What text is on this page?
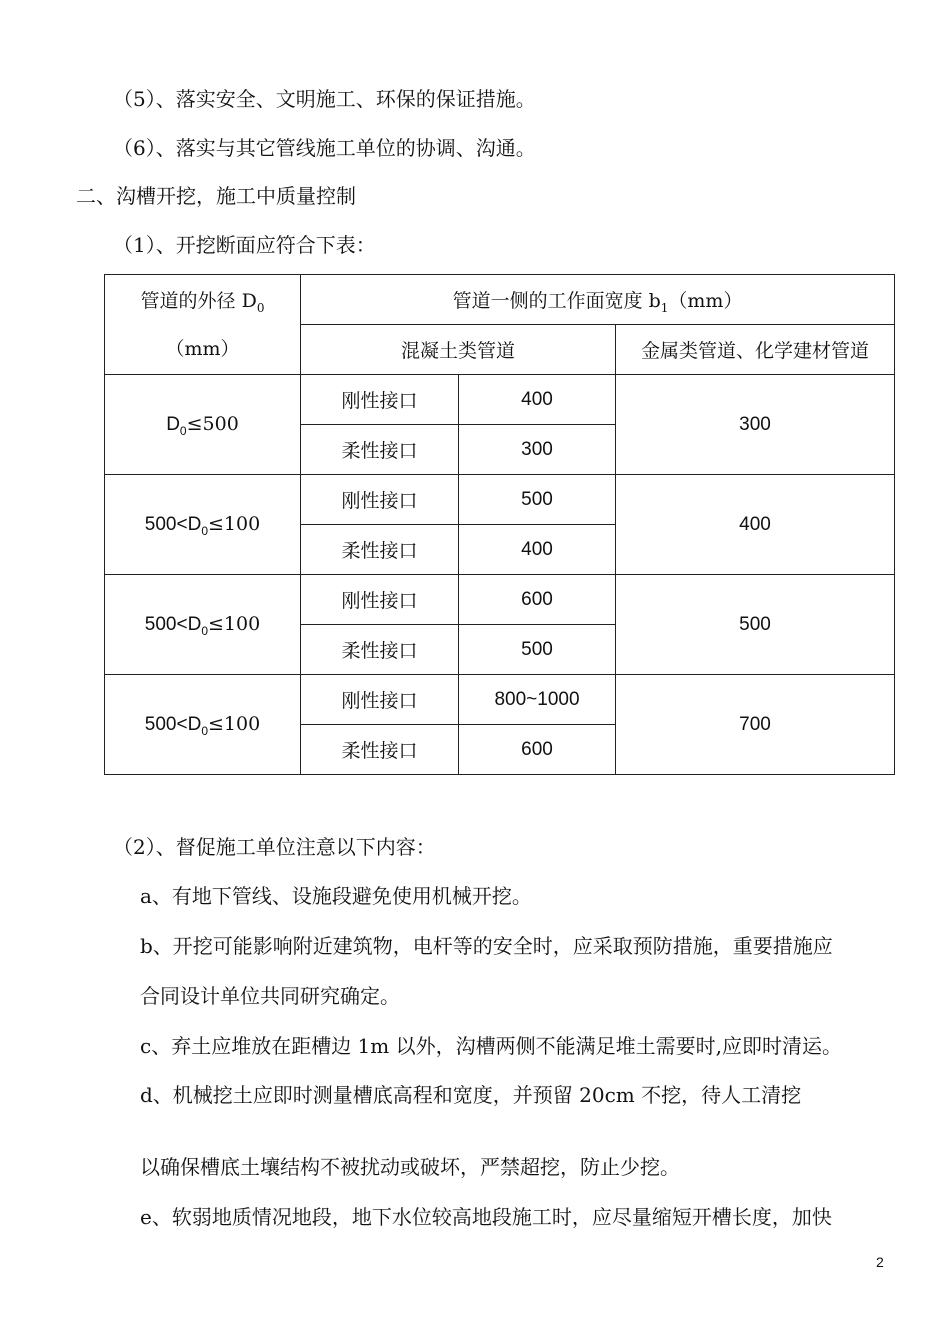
（5）、落实安全、文明施工、环保的保证措施。
（6）、落实与其它管线施工单位的协调、沟通。
二、沟槽开挖，施工中质量控制
（1）、开挖断面应符合下表：
管道的外径 $D_0$
（mm）	管道一侧的工作面宽度 $b_1(mm)$		
	混凝土类管道		金属类管道、化学建材管道
$D_0\le 500$	刚性接口	400	300
	柔性接口	300	
$500<D_0\le 100$	刚性接口	500	400
	柔性接口	400	
$500<D_0\le 100$	刚性接口	600	500
	柔性接口	500	
$500<D_0\le 100$	刚性接口	800~1000	700
	柔性接口	600	
（2）、督促施工单位注意以下内容：
a、有地下管线、设施段避免使用机械开挖。
b、开挖可能影响附近建筑物，电杆等的安全时，应采取预防措施，重要措施应
合同设计单位共同研究确定。
c、弃土应堆放在距槽边 1m 以外，沟槽两侧不能满足堆土需要时,应即时清运。
d、机械挖土应即时测量槽底高程和宽度，并预留 20cm 不挖，待人工清挖
以确保槽底土壤结构不被扰动或破坏，严禁超挖，防止少挖。
e、软弱地质情况地段，地下水位较高地段施工时，应尽量缩短开槽长度，加快
2
